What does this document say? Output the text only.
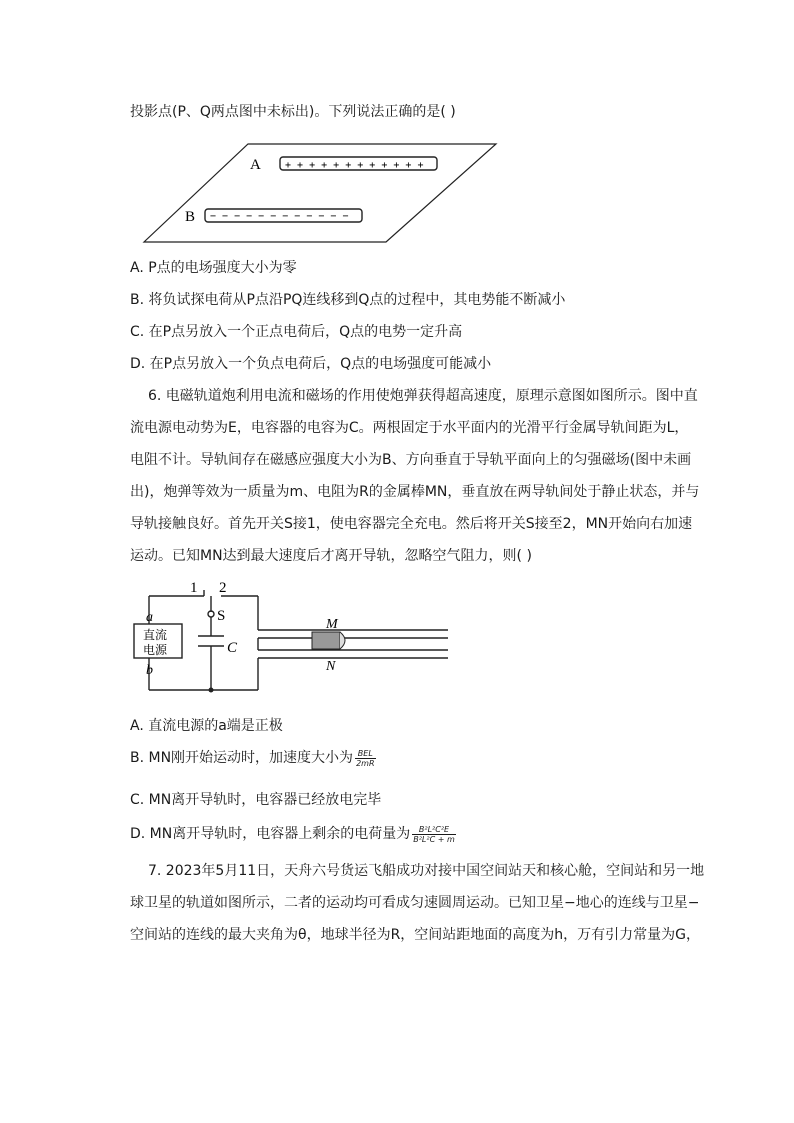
投影点(P、Q两点图中未标出)。下列说法正确的是( )
A + + + + + + + + + + + +
B − − − − − − − − − − − −
A. P点的电场强度大小为零
B. 将负试探电荷从P点沿PQ连线移到Q点的过程中，其电势能不断减小
C. 在P点另放入一个正点电荷后，Q点的电势一定升高
D. 在P点另放入一个负点电荷后，Q点的电场强度可能减小
6. 电磁轨道炮利用电流和磁场的作用使炮弹获得超高速度，原理示意图如图所示。图中直
流电源电动势为E，电容器的电容为C。两根固定于水平面内的光滑平行金属导轨间距为L，
电阻不计。导轨间存在磁感应强度大小为B、方向垂直于导轨平面向上的匀强磁场(图中未画
出)，炮弹等效为一质量为m、电阻为R的金属棒MN，垂直放在两导轨间处于静止状态，并与
导轨接触良好。首先开关S接1，使电容器完全充电。然后将开关S接至2，MN开始向右加速
运动。已知MN达到最大速度后才离开导轨，忽略空气阻力，则( )
1 2
S
C
a
b
直流
电源
M
N
A. 直流电源的a端是正极
B. MN刚开始运动时，加速度大小为 $\frac{\text{BEL}}{2mR}$
C. MN离开导轨时，电容器已经放电完毕
D. MN离开导轨时，电容器上剩余的电荷量为 $\frac{\text{B²L²C²E}}{\text{B²L²C + m}}$
7. 2023年5月11日，天舟六号货运飞船成功对接中国空间站天和核心舱，空间站和另一地
球卫星的轨道如图所示，二者的运动均可看成匀速圆周运动。已知卫星−地心的连线与卫星−
空间站的连线的最大夹角为θ，地球半径为R，空间站距地面的高度为h，万有引力常量为G，
